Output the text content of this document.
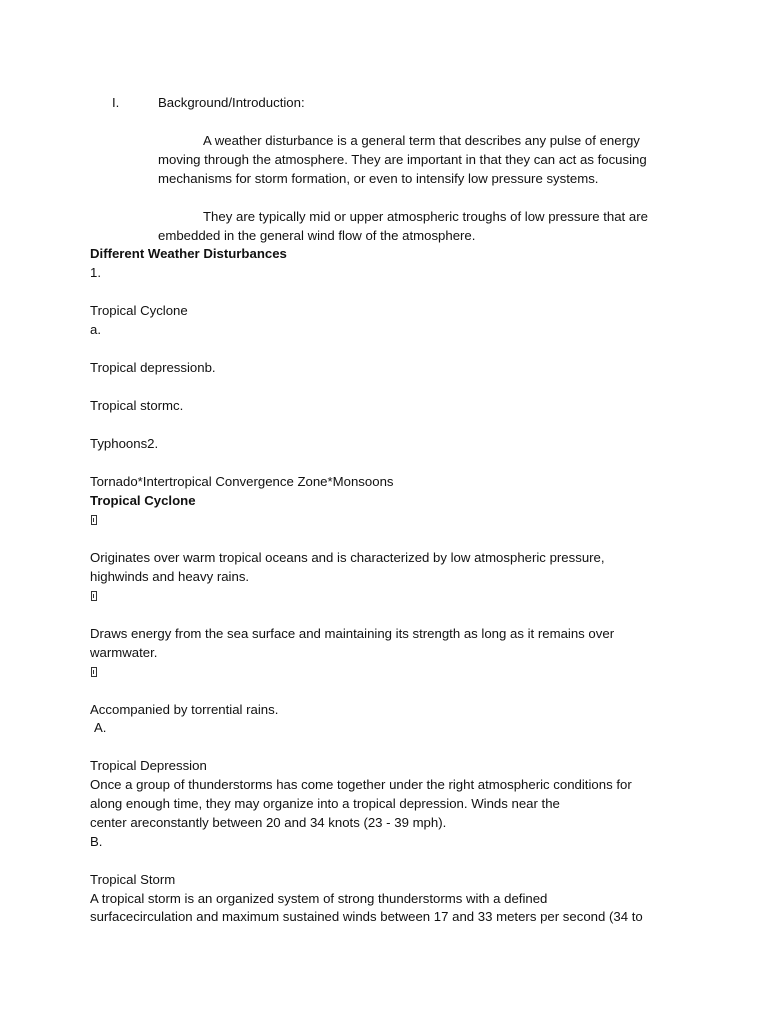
I.	Background/Introduction:
A weather disturbance is a general term that describes any pulse of energy
moving through the atmosphere. They are important in that they can act as focusing
mechanisms for storm formation, or even to intensify low pressure systems.
They are typically mid or upper atmospheric troughs of low pressure that are
embedded in the general wind flow of the atmosphere.
Different Weather Disturbances
1.
Tropical Cyclone
a.
Tropical depressionb.
Tropical stormc.
Typhoons2.
Tornado*Intertropical Convergence Zone*Monsoons
Tropical Cyclone
Originates over warm tropical oceans and is characterized by low atmospheric pressure,
highwinds and heavy rains.
Draws energy from the sea surface and maintaining its strength as long as it remains over
warmwater.
Accompanied by torrential rains.
A.
Tropical Depression
Once a group of thunderstorms has come together under the right atmospheric conditions for
along enough time, they may organize into a tropical depression. Winds near the
center areconstantly between 20 and 34 knots (23 - 39 mph).
B.
Tropical Storm
A tropical storm is an organized system of strong thunderstorms with a defined
surfacecirculation and maximum sustained winds between 17 and 33 meters per second (34 to
